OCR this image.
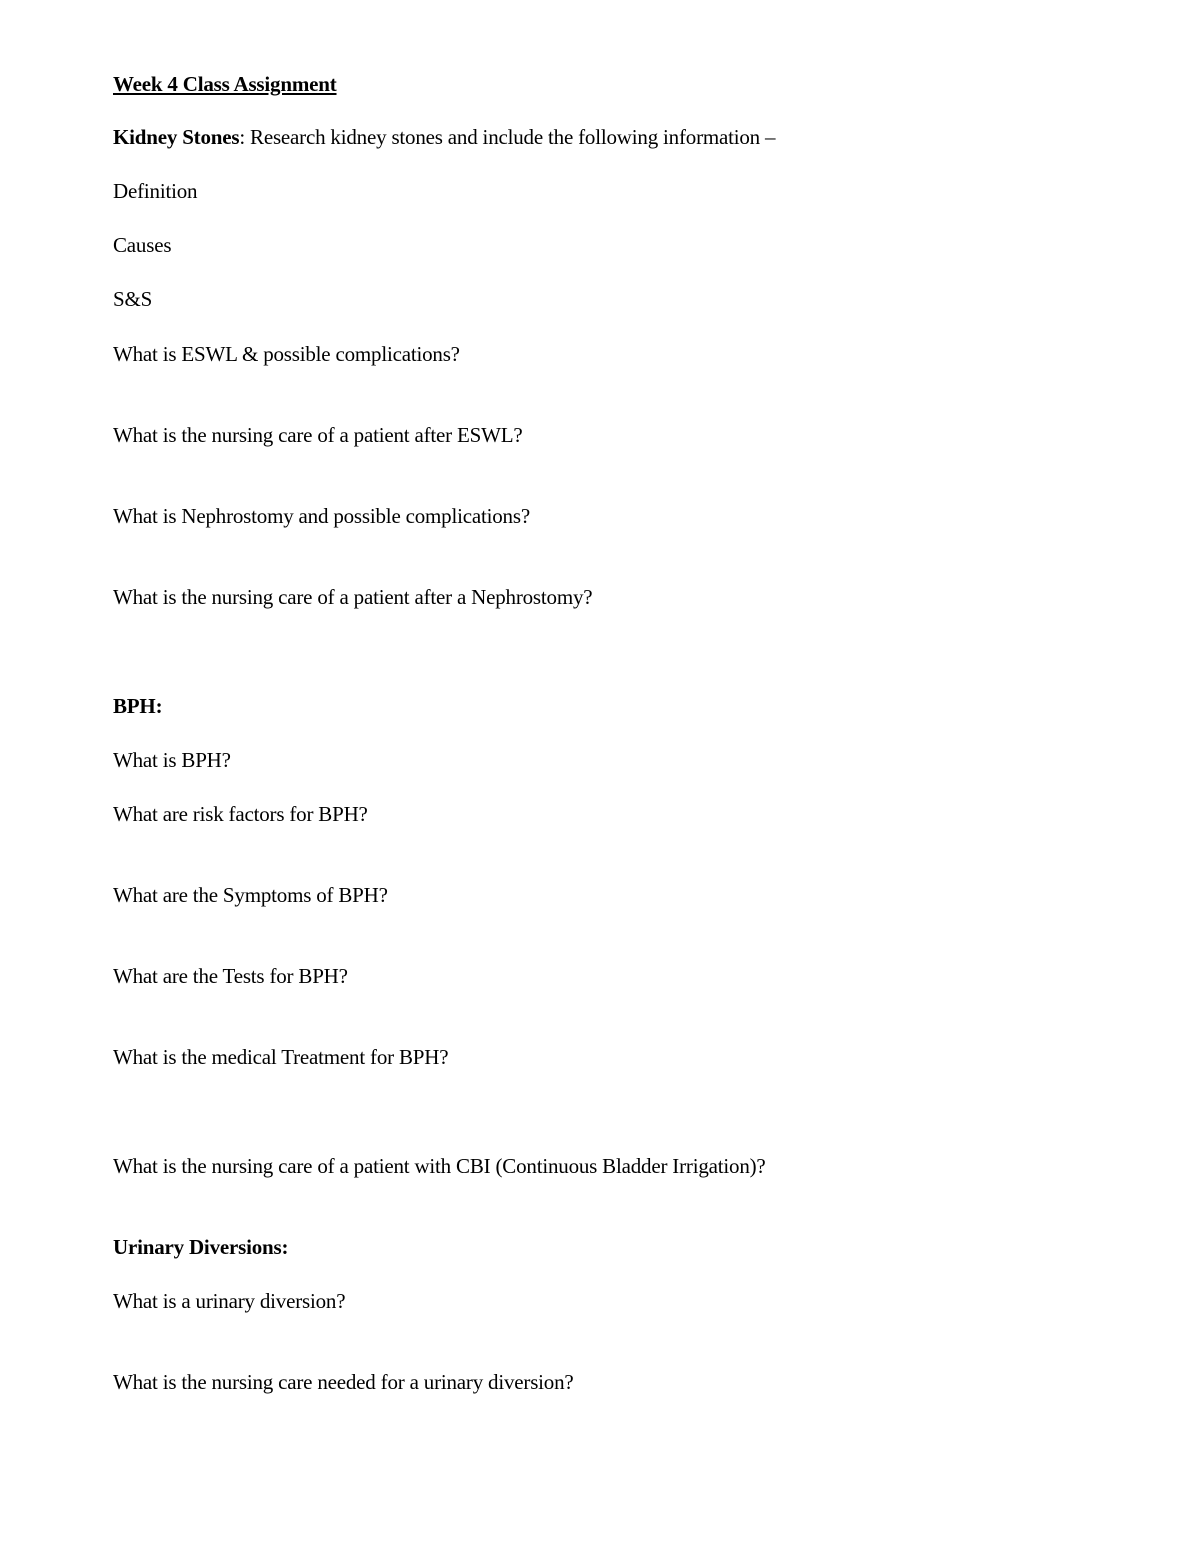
Week 4 Class Assignment
Kidney Stones: Research kidney stones and include the following information –
Definition
Causes
S&S
What is ESWL & possible complications?
What is the nursing care of a patient after ESWL?
What is Nephrostomy and possible complications?
What is the nursing care of a patient after a Nephrostomy?
BPH:
What is BPH?
What are risk factors for BPH?
What are the Symptoms of BPH?
What are the Tests for BPH?
What is the medical Treatment for BPH?
What is the nursing care of a patient with CBI (Continuous Bladder Irrigation)?
Urinary Diversions:
What is a urinary diversion?
What is the nursing care needed for a urinary diversion?
